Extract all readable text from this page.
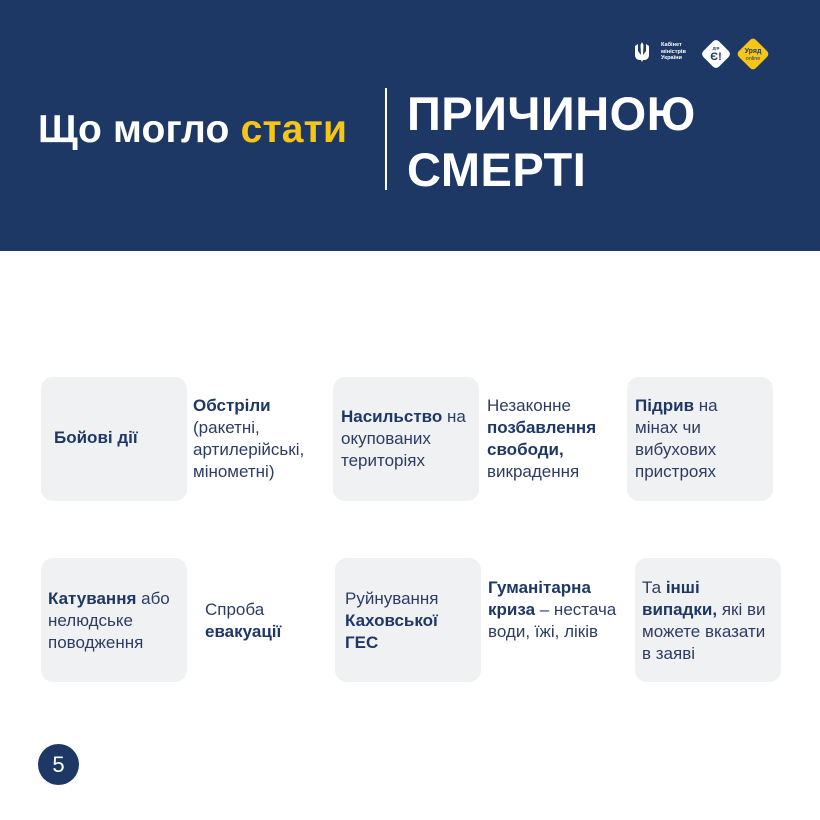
Що могло стати ПРИЧИНОЮ
СМЕРТІ
Кабінет
міністрів
України
ДІЯ
Є!	Уряд
online
Бойові дії
Обстріли (ракетні, артилерійські, мінометні)
Насильство на окупованих територіях
Незаконне позбавлення свободи, викрадення
Підрив на мінах чи вибухових пристроях
Катування або нелюдське поводження
Спроба евакуації
Руйнування Каховської ГЕС
Гуманітарна криза – нестача води, їжі, ліків
Та інші випадки, які ви можете вказати в заяві
5
